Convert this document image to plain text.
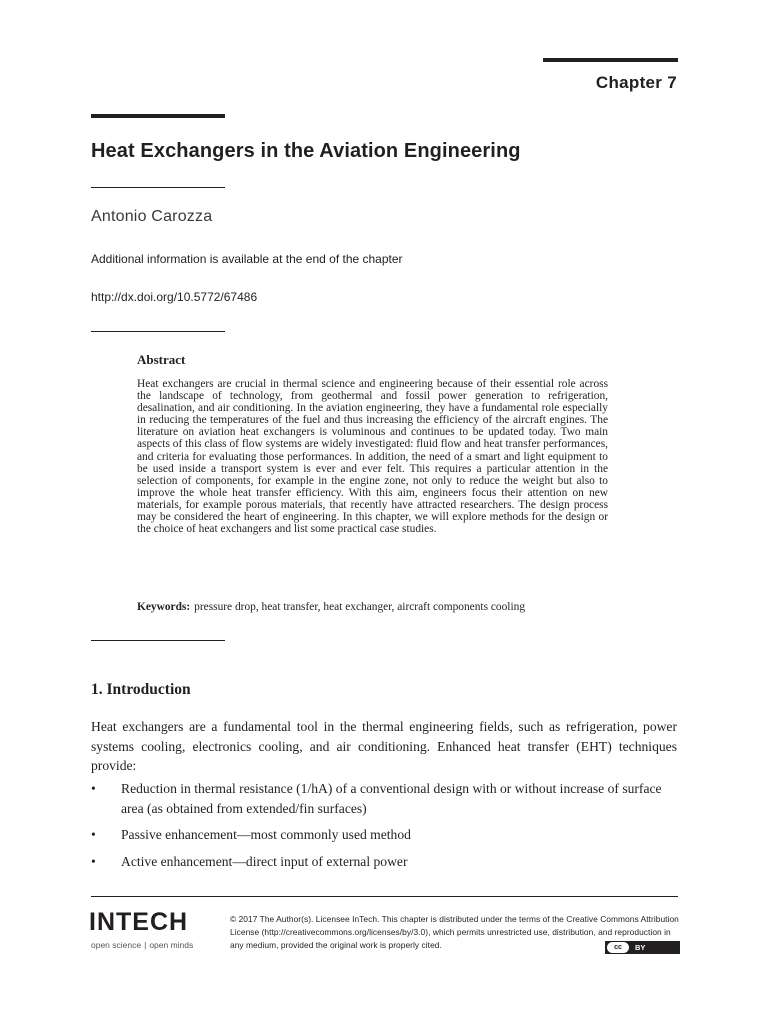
Chapter 7
Heat Exchangers in the Aviation Engineering
Antonio Carozza
Additional information is available at the end of the chapter
http://dx.doi.org/10.5772/67486
Abstract
Heat exchangers are crucial in thermal science and engineering because of their essential role across the landscape of technology, from geothermal and fossil power generation to refrigeration, desalination, and air conditioning. In the aviation engineering, they have a fundamental role especially in reducing the temperatures of the fuel and thus increasing the efficiency of the aircraft engines. The literature on aviation heat exchangers is voluminous and continues to be updated today. Two main aspects of this class of flow systems are widely investigated: fluid flow and heat transfer performances, and criteria for evaluating those performances. In addition, the need of a smart and light equipment to be used inside a transport system is ever and ever felt. This requires a particular attention in the selection of components, for example in the engine zone, not only to reduce the weight but also to improve the whole heat transfer efficiency. With this aim, engineers focus their attention on new materials, for example porous materials, that recently have attracted researchers. The design process may be considered the heart of engineering. In this chapter, we will explore methods for the design or the choice of heat exchangers and list some practical case studies.
Keywords: pressure drop, heat transfer, heat exchanger, aircraft components cooling
1. Introduction
Heat exchangers are a fundamental tool in the thermal engineering fields, such as refrigeration, power systems cooling, electronics cooling, and air conditioning. Enhanced heat transfer (EHT) techniques provide:
• Reduction in thermal resistance (1/hA) of a conventional design with or without increase of surface area (as obtained from extended/fin surfaces)
• Passive enhancement—most commonly used method
• Active enhancement—direct input of external power
INTECH
open science | open minds
© 2017 The Author(s). Licensee InTech. This chapter is distributed under the terms of the Creative Commons Attribution License (http://creativecommons.org/licenses/by/3.0), which permits unrestricted use, distribution, and reproduction in any medium, provided the original work is properly cited.	cc	BY
